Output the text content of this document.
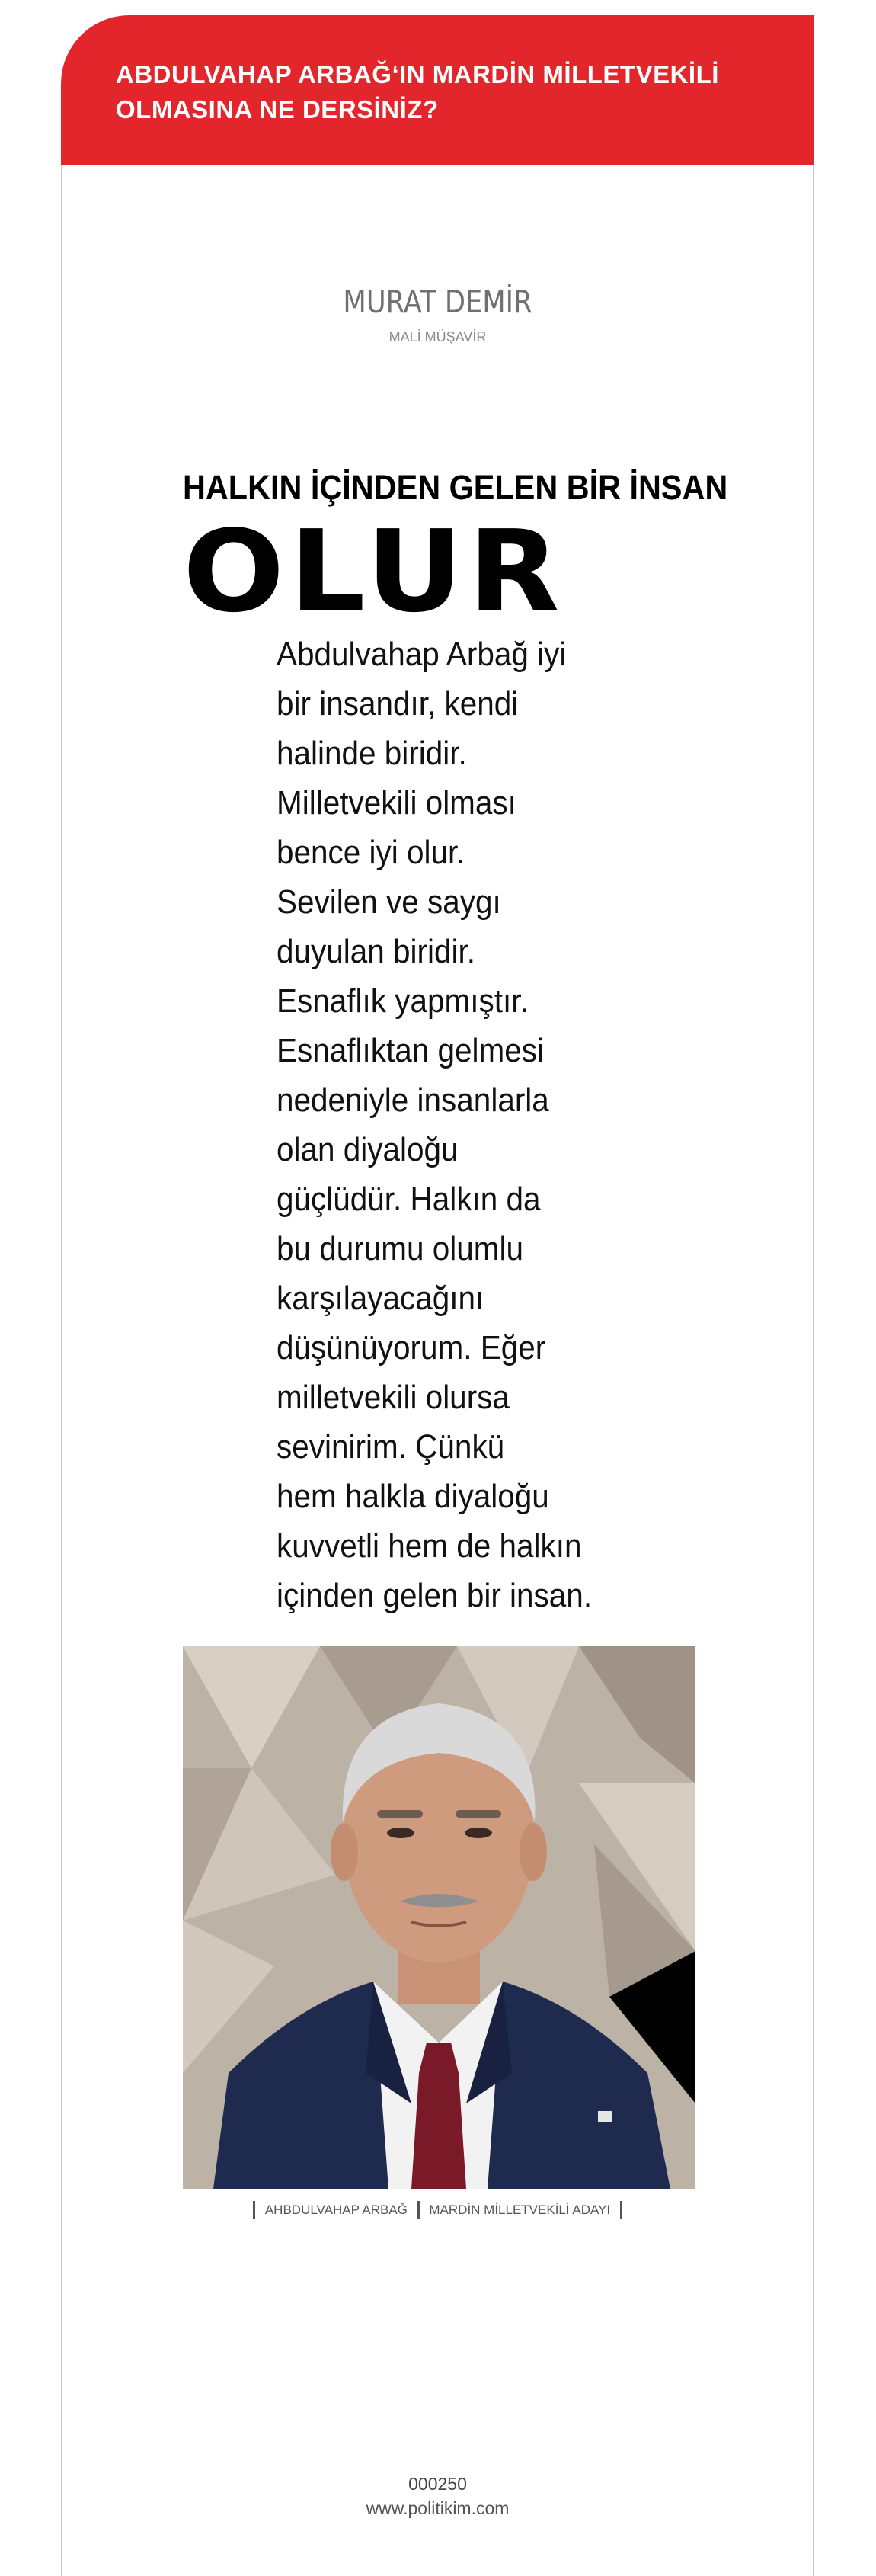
ABDULVAHAP ARBAĞ‘IN MARDİN MİLLETVEKİLİ
OLMASINA NE DERSİNİZ?

MURAT DEMİR
MALİ MÜŞAVİR
HALKIN İÇİNDEN GELEN BİR İNSAN
OLUR
Abdulvahap Arbağ iyi
bir insandır, kendi
halinde biridir.
Milletvekili olması
bence iyi olur.
Sevilen ve saygı
duyulan biridir.
Esnaflık yapmıştır.
Esnaflıktan gelmesi
nedeniyle insanlarla
olan diyaloğu
güçlüdür. Halkın da
bu durumu olumlu
karşılayacağını
düşünüyorum. Eğer
milletvekili olursa
sevinirim. Çünkü
hem halkla diyaloğu
kuvvetli hem de halkın
içinden gelen bir insan.
AHBDULVAHAP ARBAĞ MARDİN MİLLETVEKİLİ ADAYI
000250
www.politikim.com
